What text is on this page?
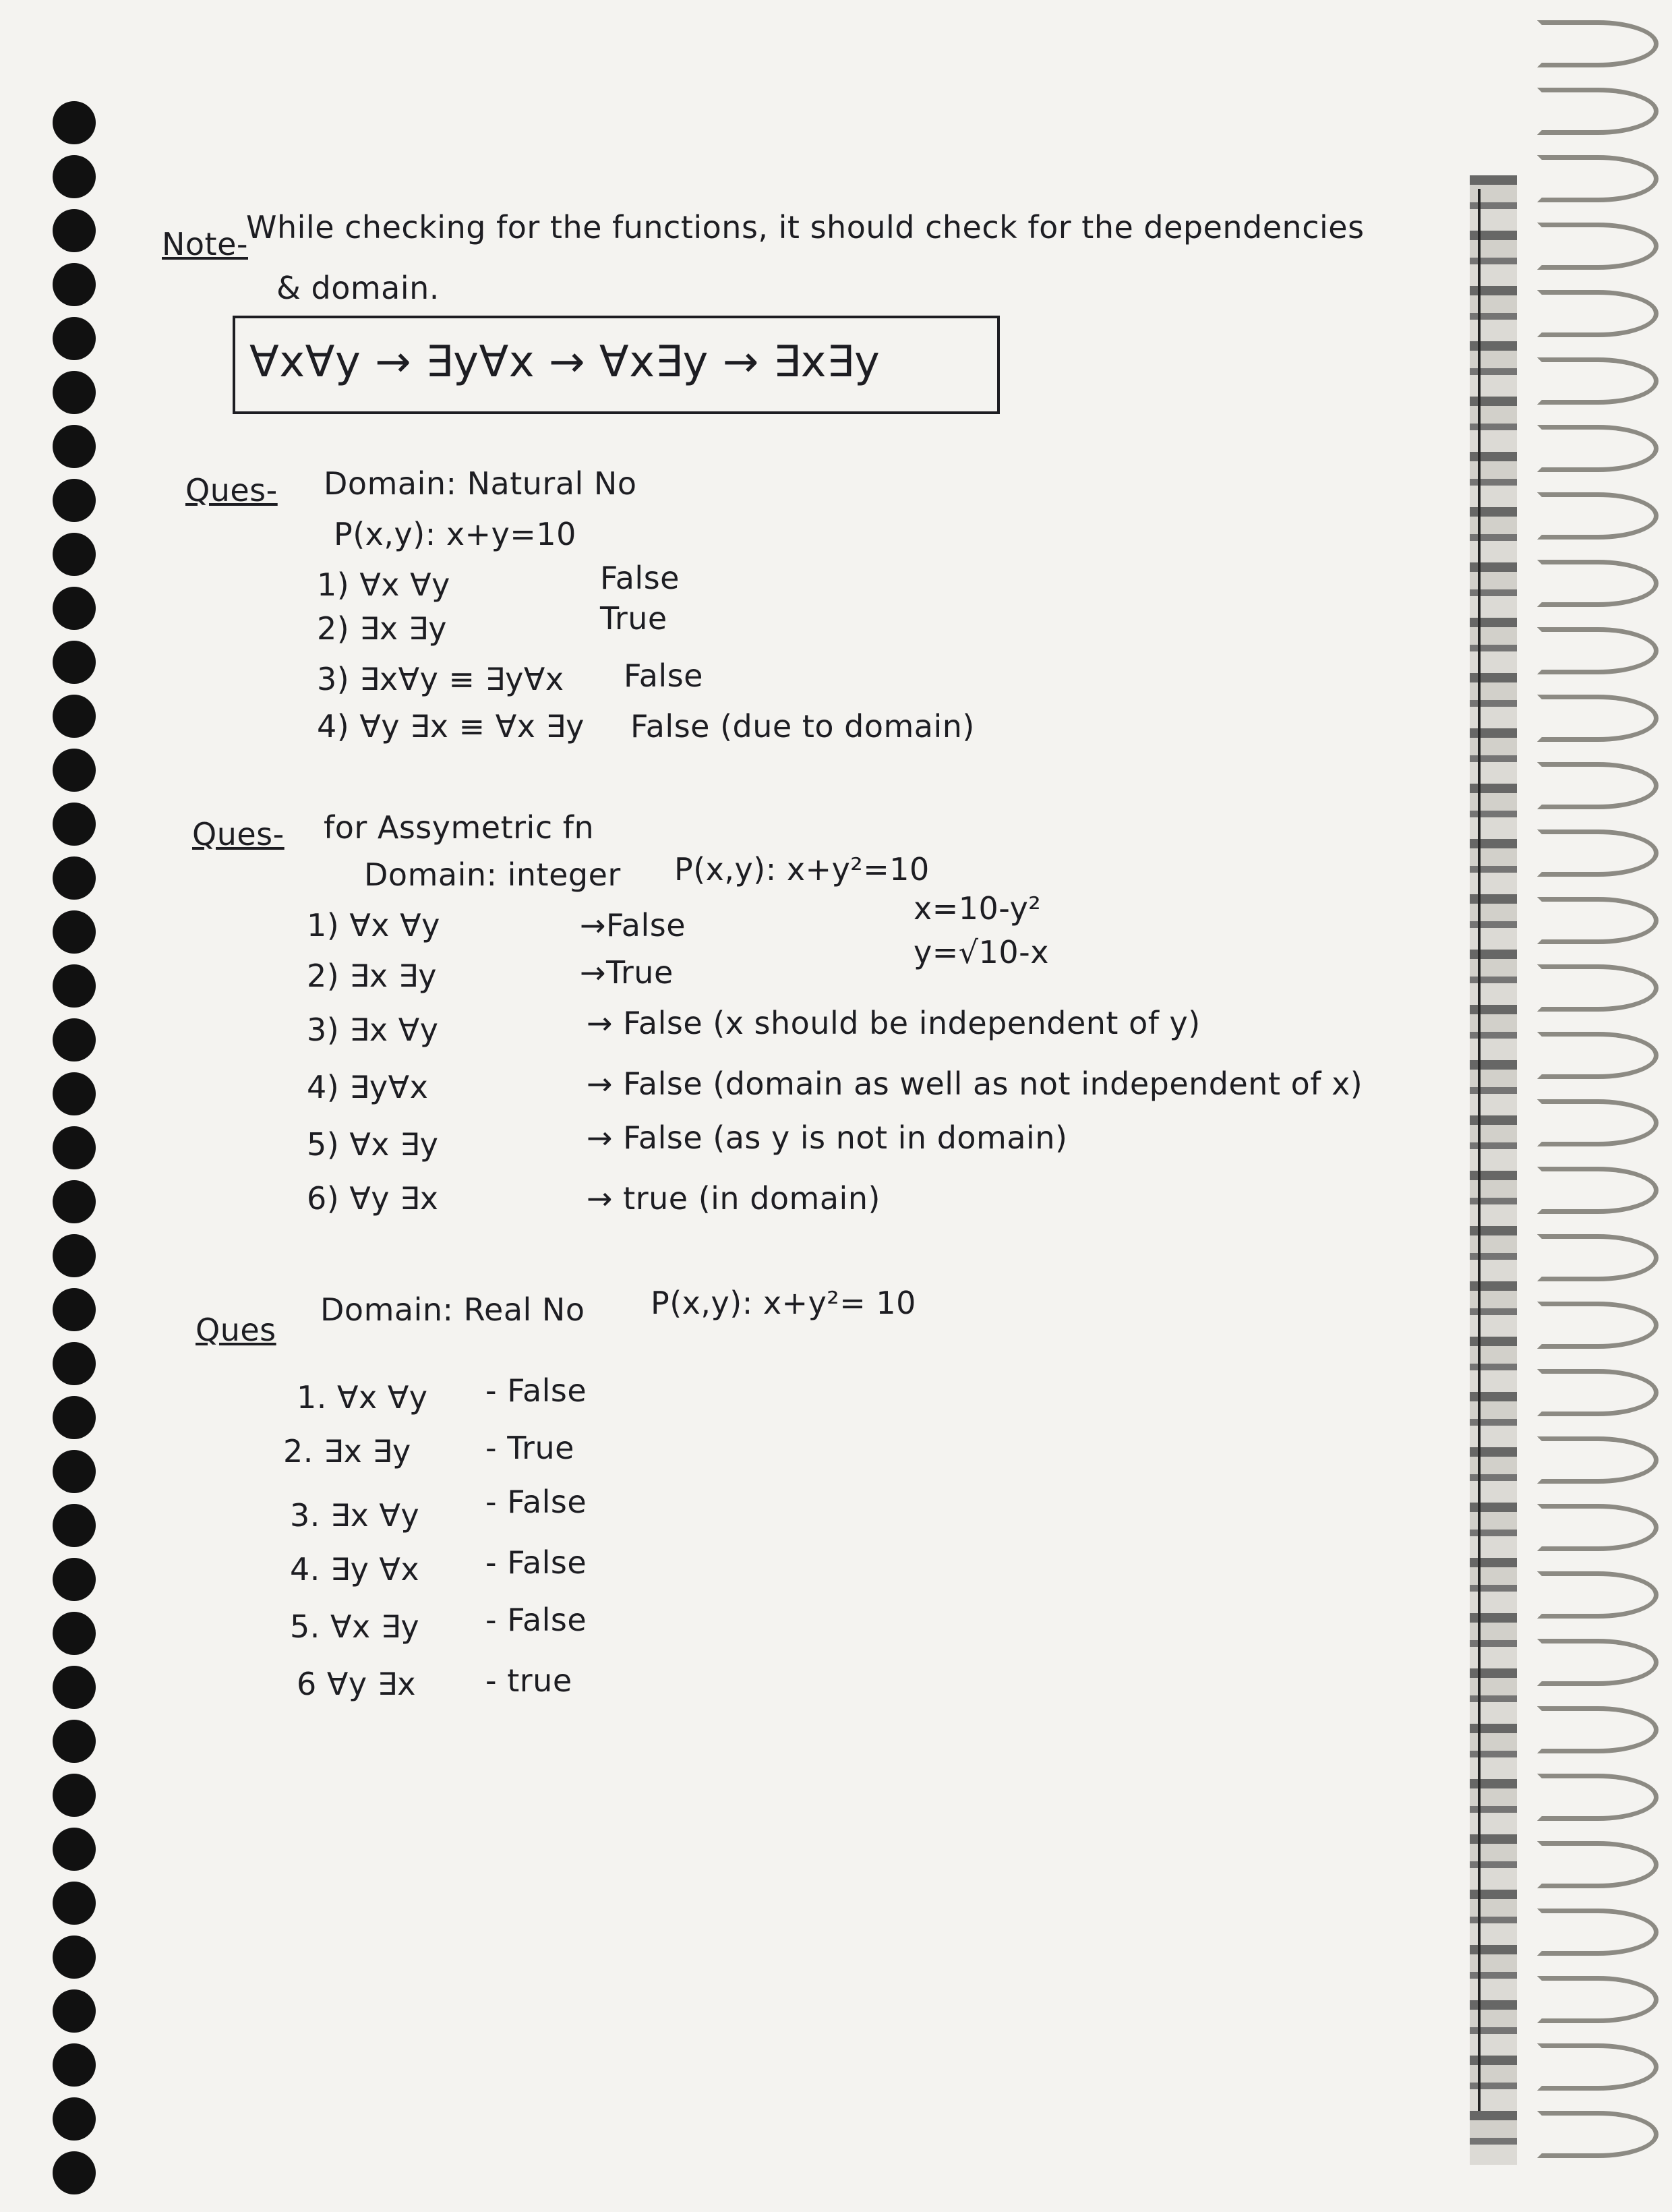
Note-
While checking for the functions, it should check for the dependencies
& domain.
∀x∀y → ∃y∀x → ∀x∃y → ∃x∃y
Ques- Domain: Natural No
P(x,y): x+y=10
1) ∀x ∀y	False
2) ∃x ∃y	True
3) ∃x∀y ≡ ∃y∀x False
4) ∀y ∃x ≡ ∀x ∃y False (due to domain)
Ques- for Assymetric fn
Domain: integer P(x,y): x+y²=10
x=10-y²
y=√10-x
1) ∀x ∀y	→False
2) ∃x ∃y	→True
3) ∃x ∀y	→ False (x should be independent of y)
4) ∃y∀x	→ False (domain as well as not independent of x)
5) ∀x ∃y	→ False (as y is not in domain)
6) ∀y ∃x	→ true (in domain)
Ques
Domain: Real No P(x,y): x+y²= 10
1. ∀x ∀y - False
2. ∃x ∃y - True
3. ∃x ∀y - False
4. ∃y ∀x - False
5. ∀x ∃y - False
6 ∀y ∃x - true
